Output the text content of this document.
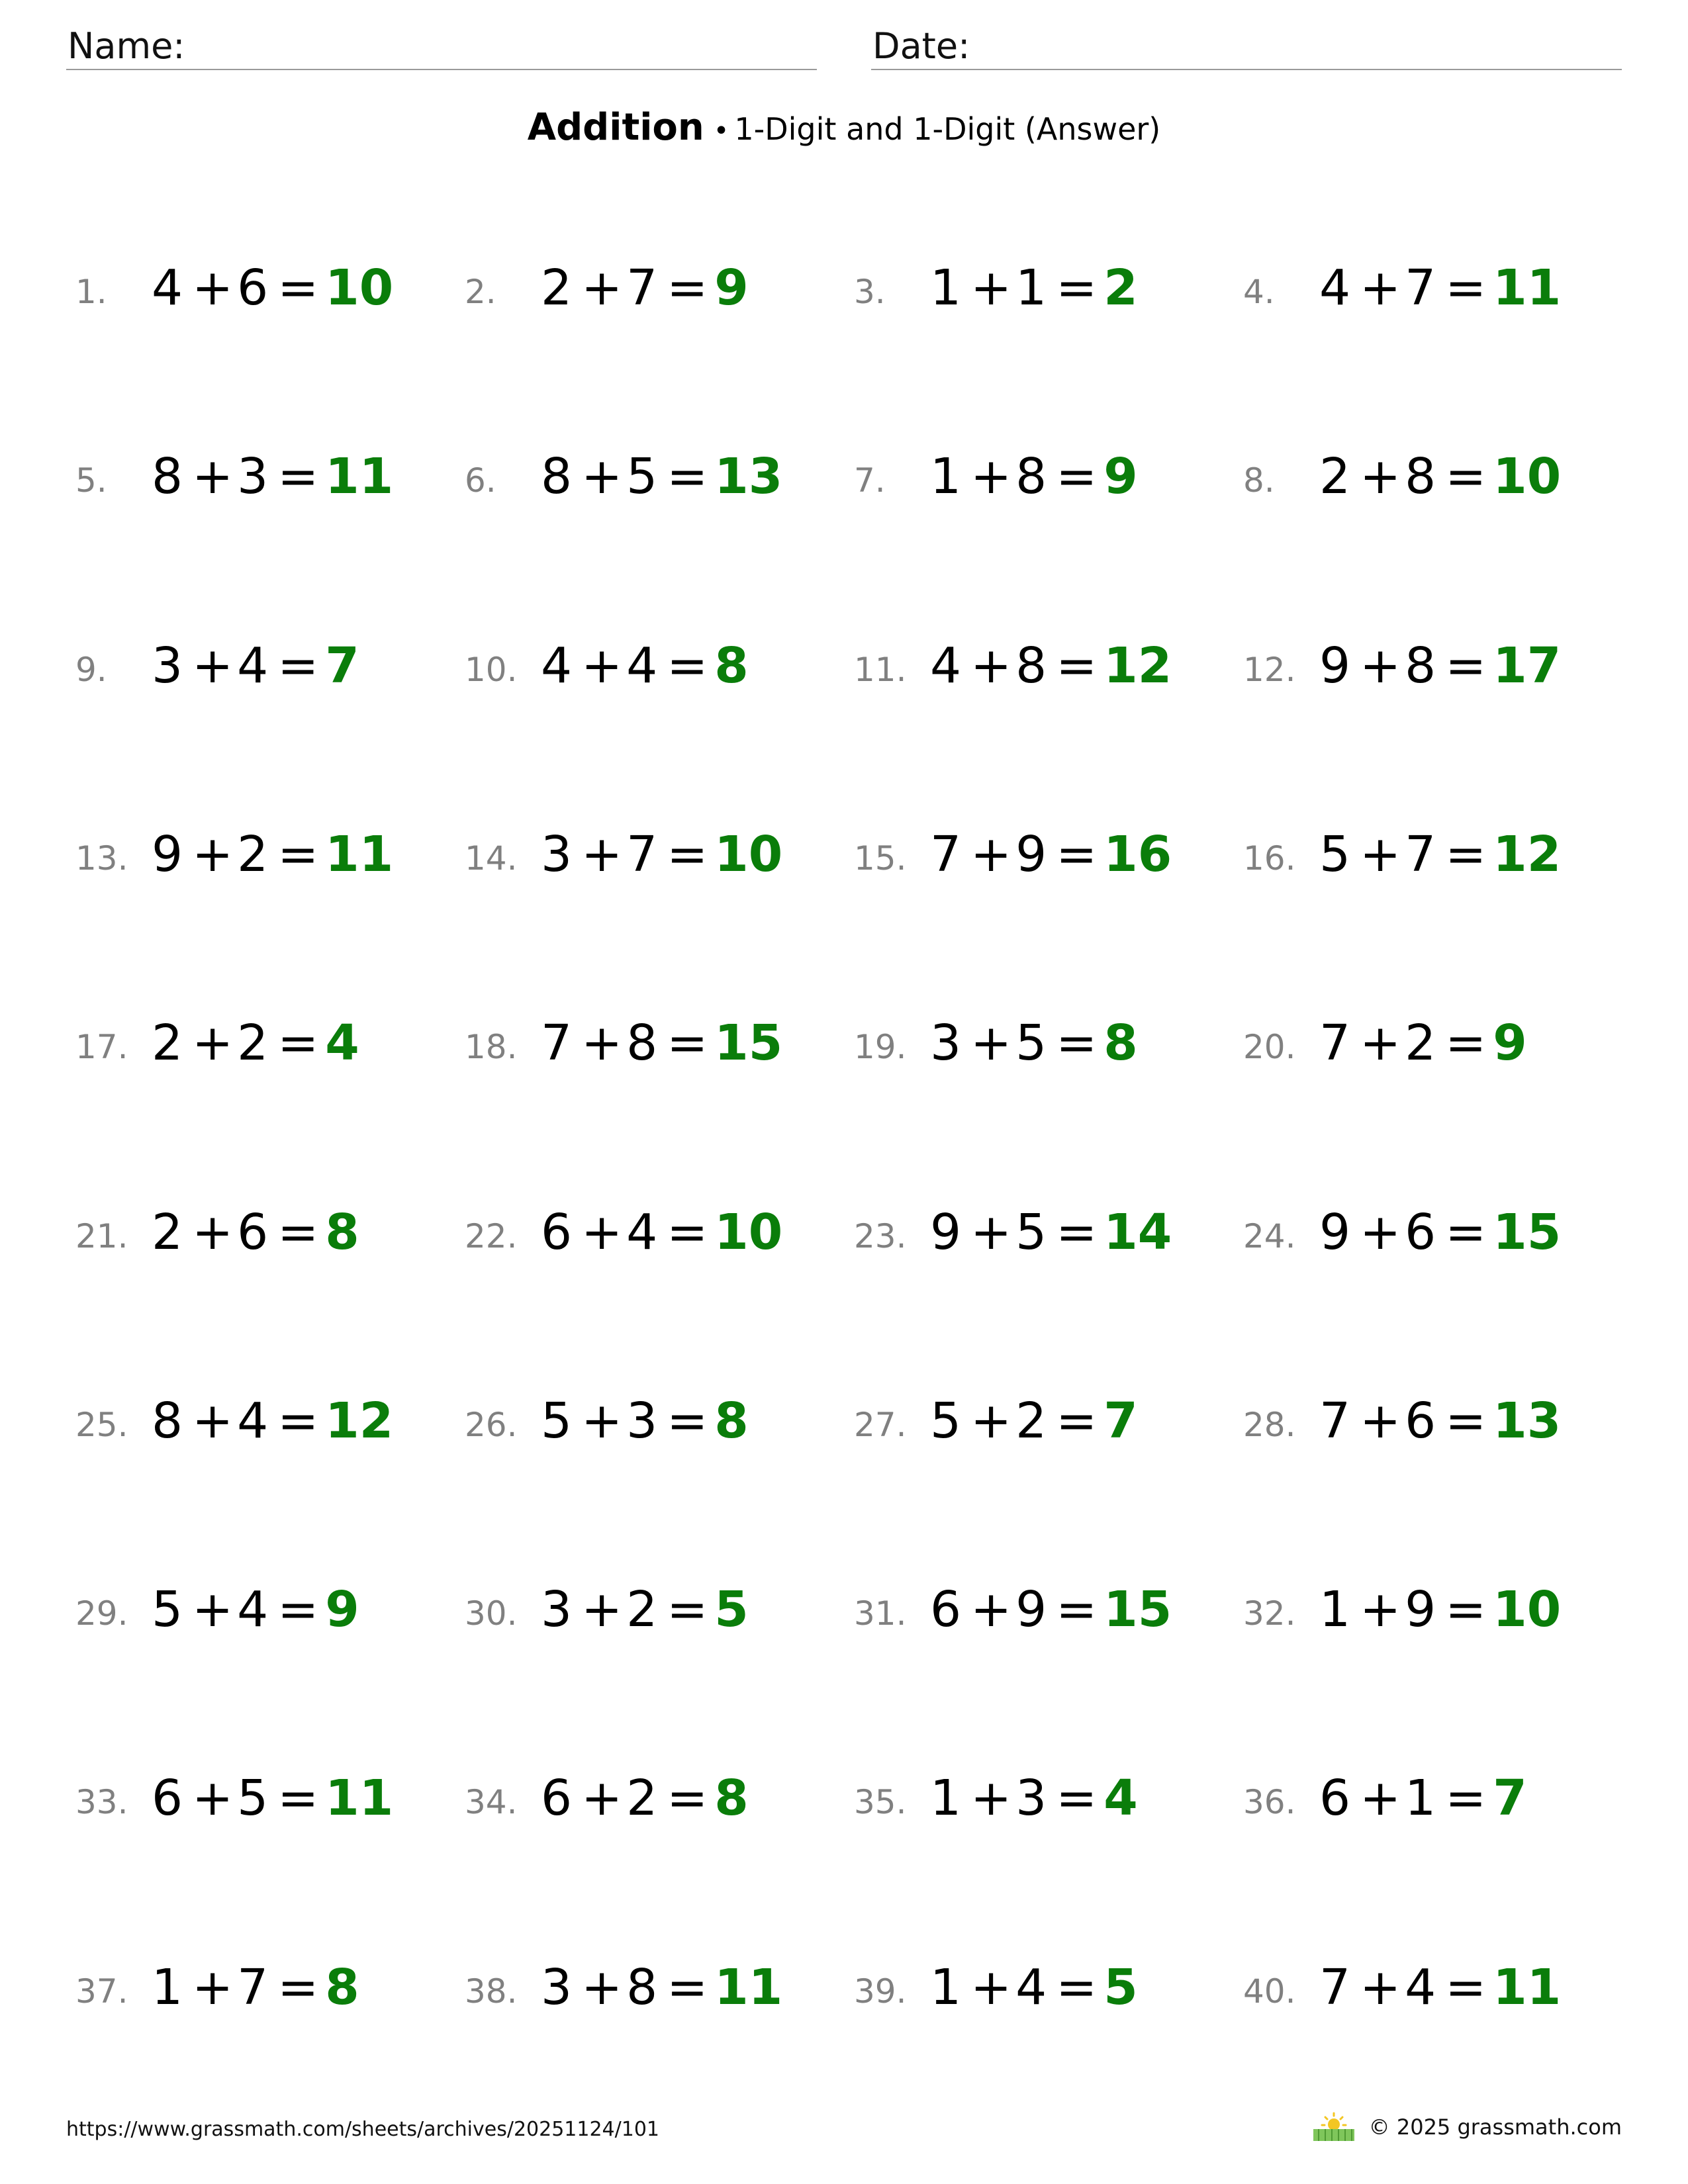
Name:	Date:
Addition • 1-Digit and 1-Digit (Answer)
1. 4 +6 = 10 2. 2 +7 = 9	3. 1 +1 = 2	4. 4 +7 = 11
5. 8 +3 = 11 6. 8 +5 = 13 7. 1 +8 = 9	8. 2 +8 = 10
9. 3 +4 = 7	10. 4 +4 = 8	11. 4 +8 = 12 12. 9 +8 = 17
13. 9 +2 = 11 14. 3 +7 = 10 15. 7 +9 = 16 16. 5 +7 = 12
17. 2 +2 = 4	18. 7 +8 = 15 19. 3 +5 = 8	20. 7 +2 = 9
21. 2 +6 = 8	22. 6 +4 = 10 23. 9 +5 = 14 24. 9 +6 = 15
25. 8 +4 = 12 26. 5 +3 = 8	27. 5 +2 = 7	28. 7 +6 = 13
29. 5 +4 = 9	30. 3 +2 = 5	31. 6 +9 = 15 32. 1 +9 = 10
33. 6 +5 = 11 34. 6 +2 = 8	35. 1 +3 = 4	36. 6 +1 = 7
37. 1 +7 = 8	38. 3 +8 = 11 39. 1 +4 = 5	40. 7 +4 = 11
https://www.grassmath.com/sheets/archives/20251124/101	© 2025 grassmath.com
